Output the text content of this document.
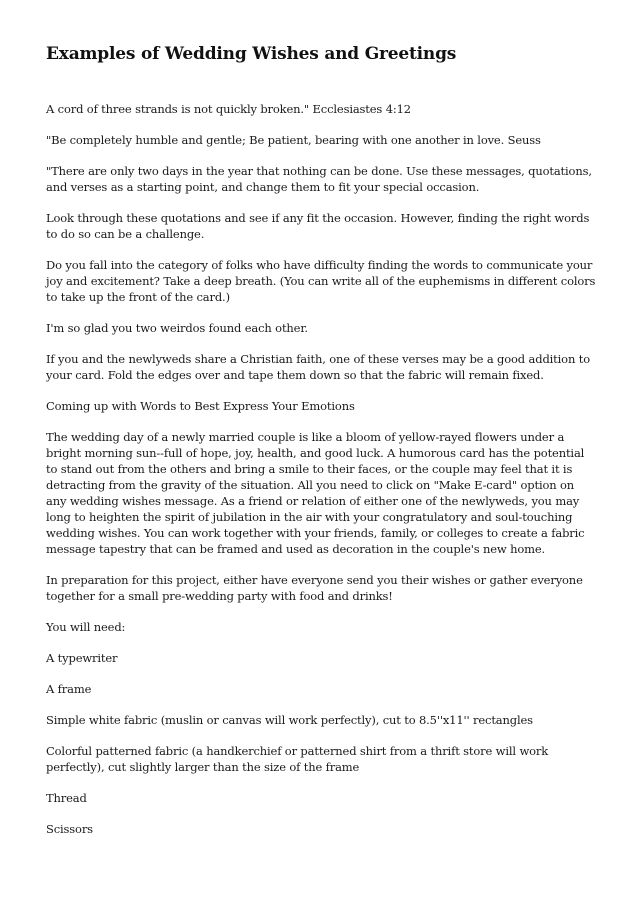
Examples of Wedding Wishes and Greetings

A cord of three strands is not quickly broken." Ecclesiastes 4:12

"Be completely humble and gentle; Be patient, bearing with one another in love. Seuss

"There are only two days in the year that nothing can be done. Use these messages, quotations, and verses as a starting point, and change them to fit your special occasion.

Look through these quotations and see if any fit the occasion. However, finding the right words to do so can be a challenge.

Do you fall into the category of folks who have difficulty finding the words to communicate your joy and excitement? Take a deep breath. (You can write all of the euphemisms in different colors to take up the front of the card.)

I'm so glad you two weirdos found each other.

If you and the newlyweds share a Christian faith, one of these verses may be a good addition to your card. Fold the edges over and tape them down so that the fabric will remain fixed.

Coming up with Words to Best Express Your Emotions

The wedding day of a newly married couple is like a bloom of yellow-rayed flowers under a bright morning sun--full of hope, joy, health, and good luck. A humorous card has the potential to stand out from the others and bring a smile to their faces, or the couple may feel that it is detracting from the gravity of the situation. All you need to click on "Make E-card" option on any wedding wishes message. As a friend or relation of either one of the newlyweds, you may long to heighten the spirit of jubilation in the air with your congratulatory and soul-touching wedding wishes. You can work together with your friends, family, or colleges to create a fabric message tapestry that can be framed and used as decoration in the couple's new home.

In preparation for this project, either have everyone send you their wishes or gather everyone together for a small pre-wedding party with food and drinks!

You will need:

A typewriter

A frame

Simple white fabric (muslin or canvas will work perfectly), cut to 8.5''x11'' rectangles

Colorful patterned fabric (a handkerchief or patterned shirt from a thrift store will work perfectly), cut slightly larger than the size of the frame

Thread

Scissors
